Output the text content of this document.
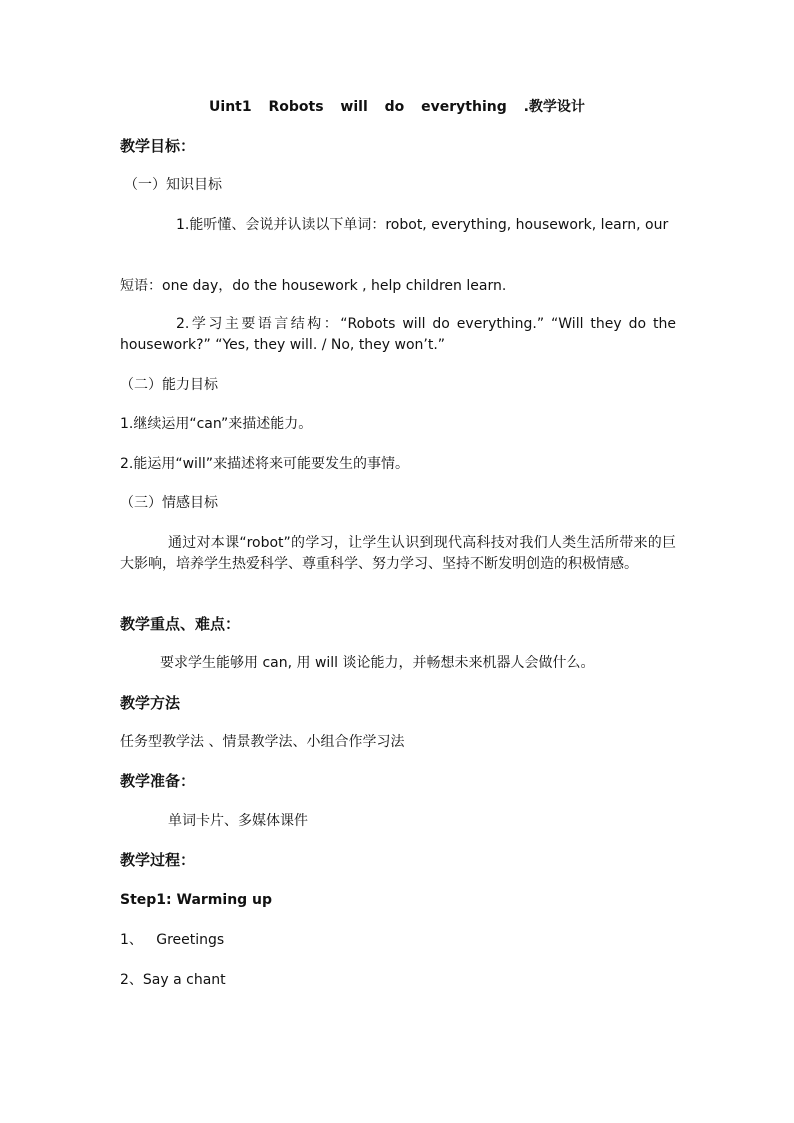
Uint1 Robots will do everything .教学设计
教学目标：
（一）知识目标
1.能听懂、会说并认读以下单词：robot, everything, housework, learn, our
短语：one day，do the housework , help children learn.
2.学习主要语言结构：“Robots will do everything.” “Will they do the housework?” “Yes, they will. / No, they won’t.”
（二）能力目标
1.继续运用“can”来描述能力。
2.能运用“will”来描述将来可能要发生的事情。
（三）情感目标
通过对本课“robot”的学习，让学生认识到现代高科技对我们人类生活所带来的巨                    大影响，培养学生热爱科学、尊重科学、努力学习、坚持不断发明创造的积极情感。
教学重点、难点：
要求学生能够用 can, 用 will 谈论能力，并畅想未来机器人会做什么。
教学方法
任务型教学法 、情景教学法、小组合作学习法
教学准备：
单词卡片、多媒体课件
教学过程：
Step1: Warming up
1、   Greetings
2、Say a chant
